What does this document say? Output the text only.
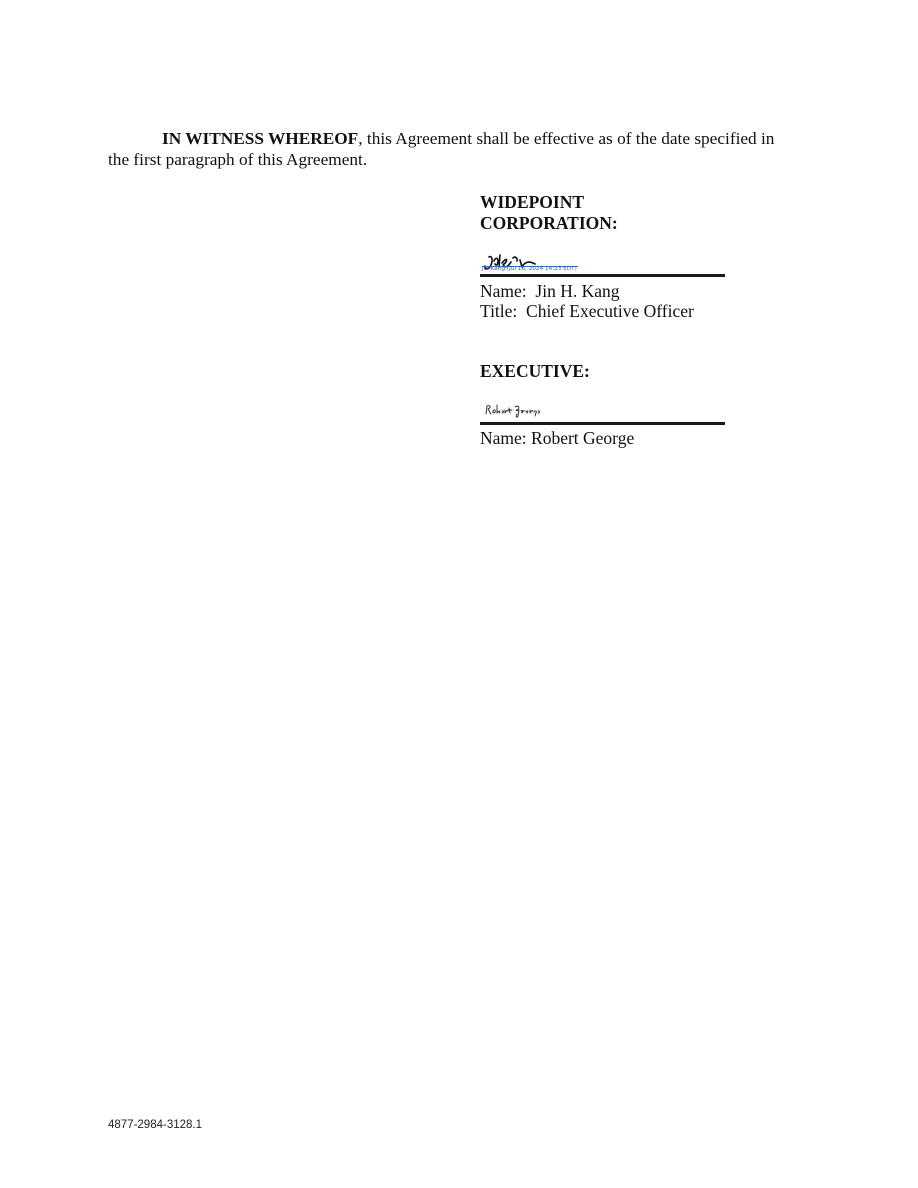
IN WITNESS WHEREOF, this Agreement shall be effective as of the date specified in
the first paragraph of this Agreement.

WIDEPOINT
CORPORATION:

Jin Kang (Jul 16, 2024 14:23 EDT)

Name:  Jin H. Kang

Title:  Chief Executive Officer

EXECUTIVE:

Name: Robert George

4877-2984-3128.1
